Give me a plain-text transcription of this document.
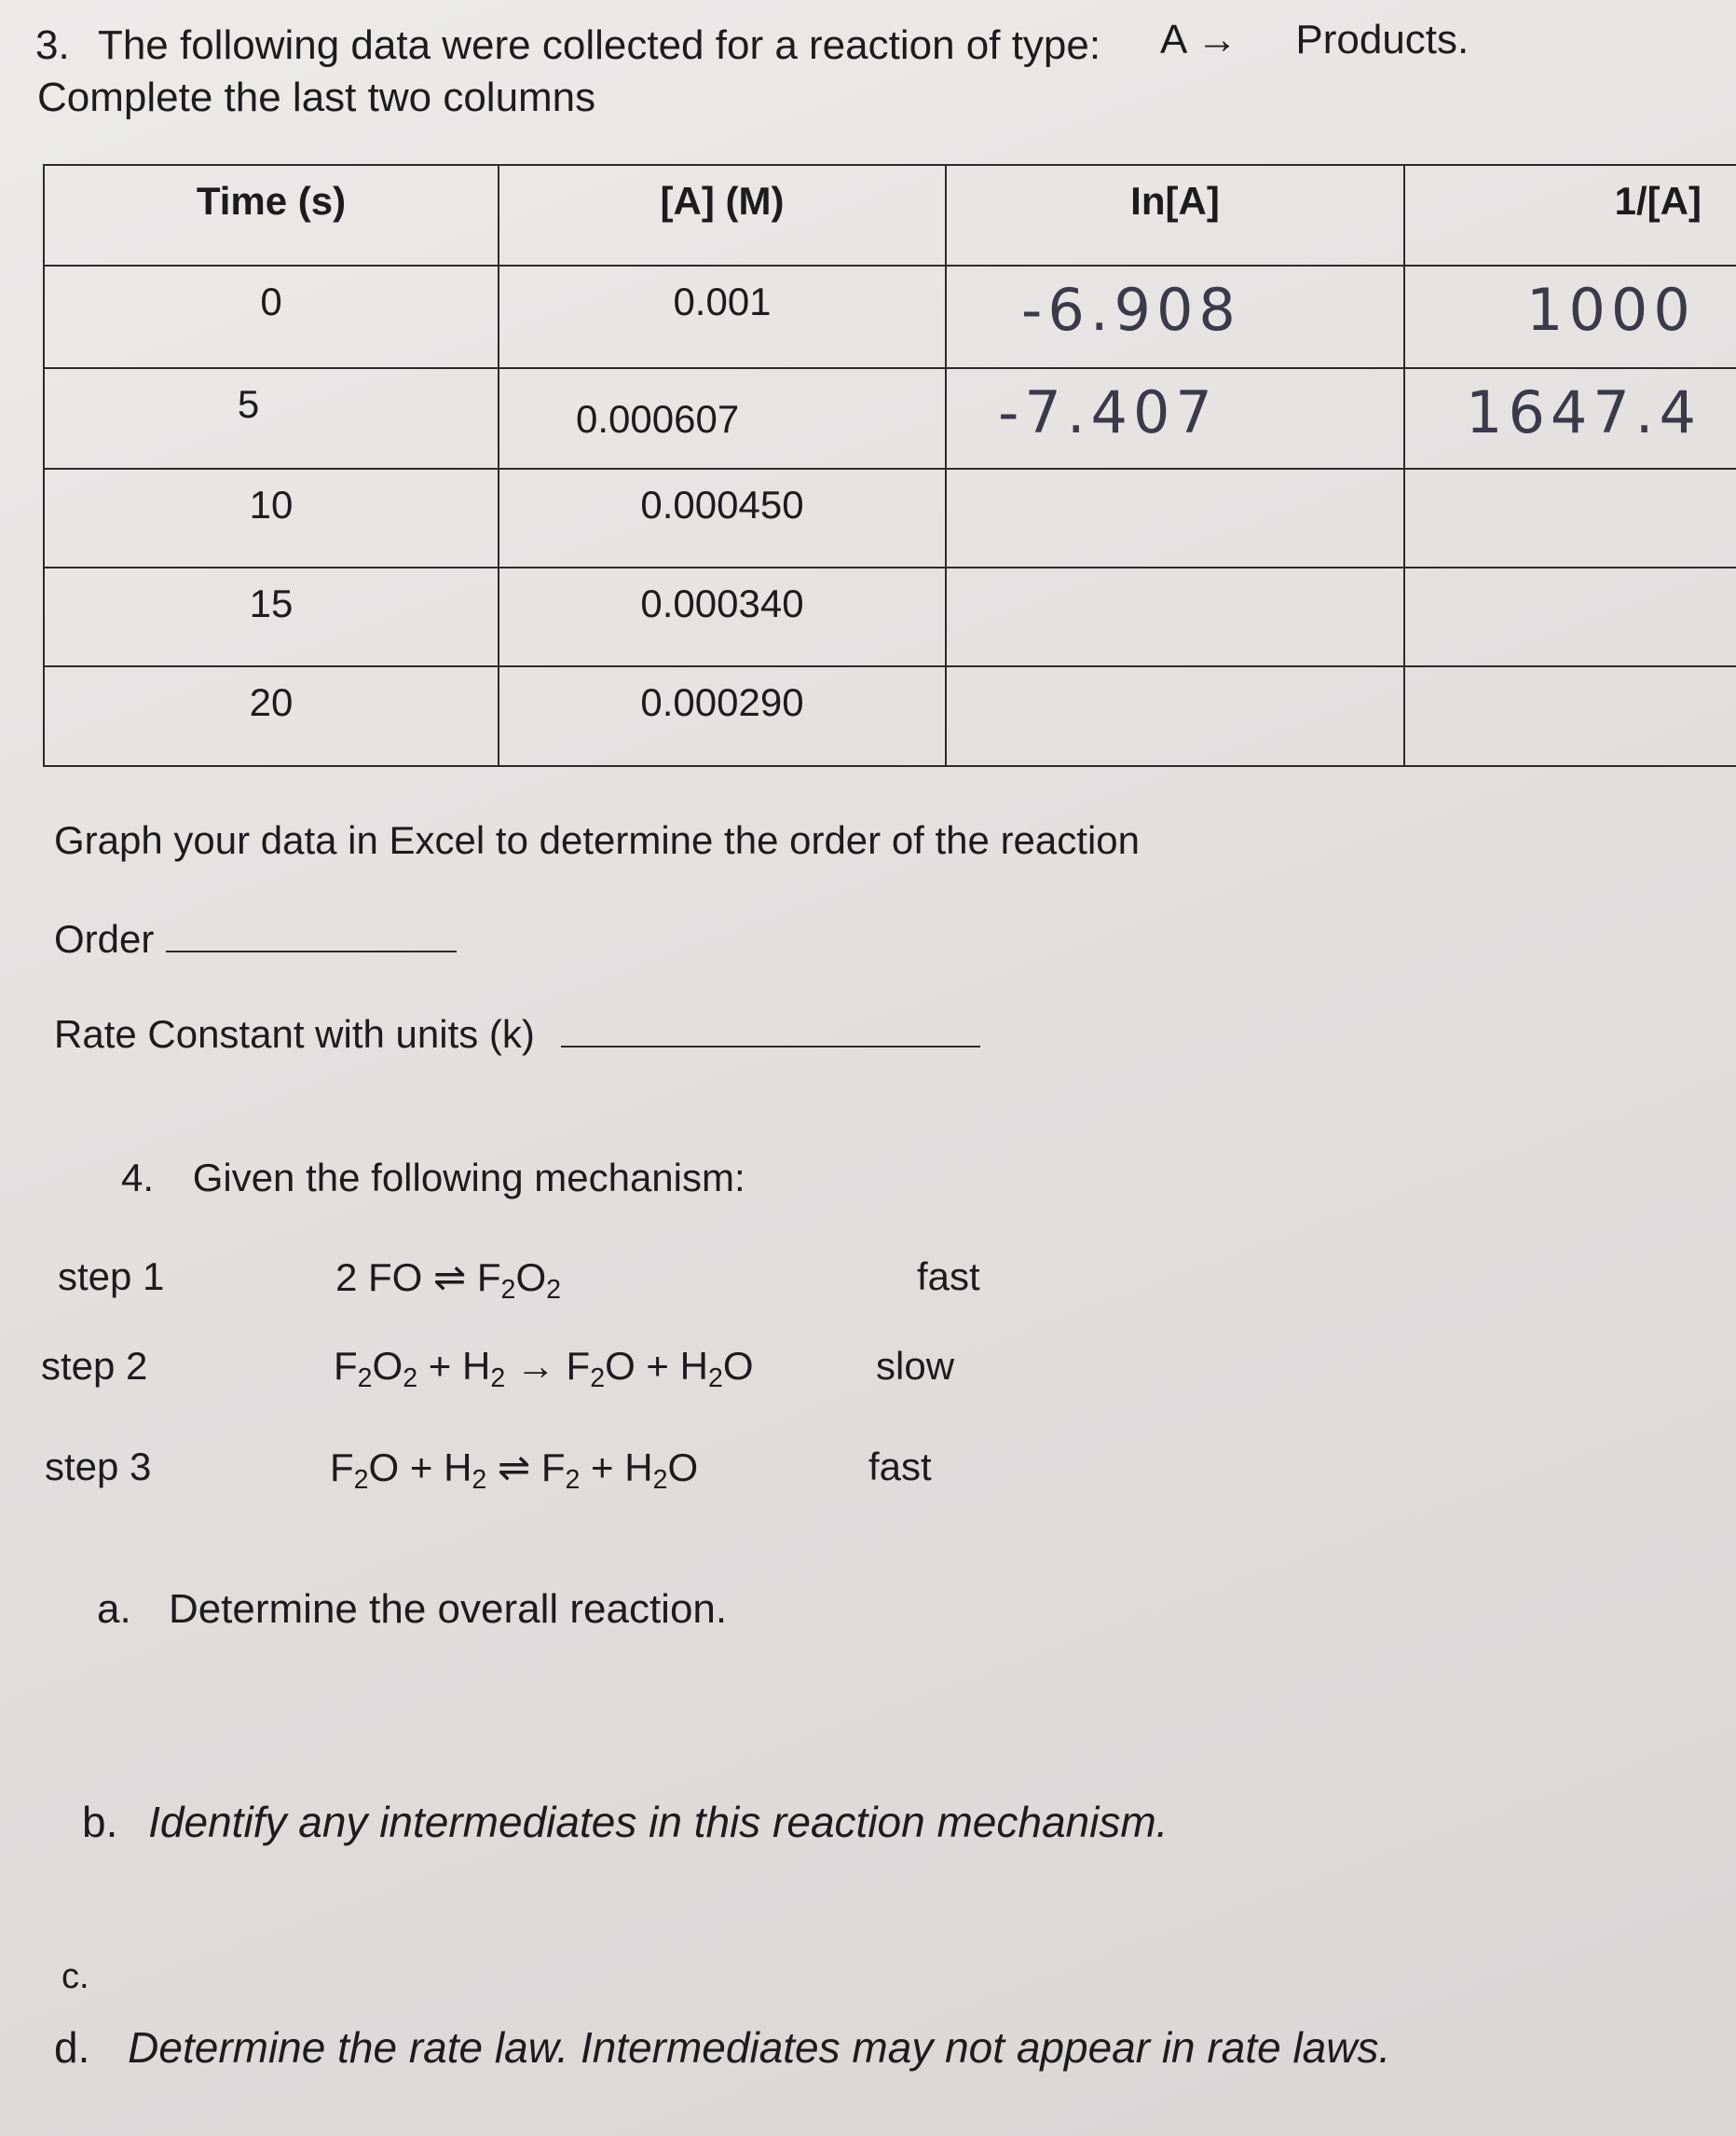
3. The following data were collected for a reaction of type: A → Products.
Complete the last two columns
Time (s)	[A] (M)	In[A]	1/[A]
0	0.001	-6.908	1000
5	0.000607	-7.407	1647.4
10	0.000450		
15	0.000340		
20	0.000290		
Graph your data in Excel to determine the order of the reaction
Order
Rate Constant with units (k)
4. Given the following mechanism:
step 1	2 FO ⇌ F2O2	fast
step 2	F2O2 + H2 → F2O + H2O	slow
step 3	F2O + H2 ⇌ F2 + H2O	fast
a. Determine the overall reaction.
b. Identify any intermediates in this reaction mechanism.
c.
d. Determine the rate law. Intermediates may not appear in rate laws.
